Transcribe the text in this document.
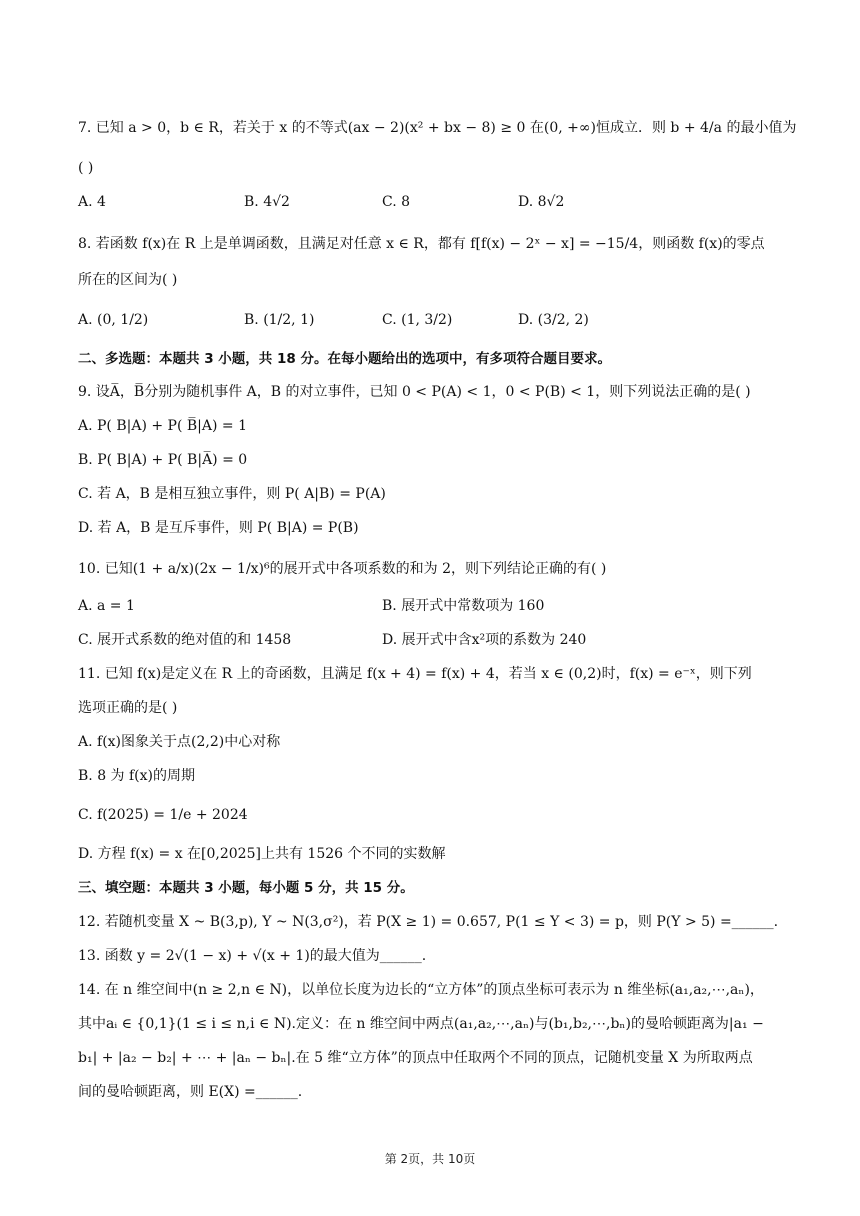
7. 已知 a > 0，b ∈ R，若关于 x 的不等式(ax − 2)(x² + bx − 8) ≥ 0 在(0, +∞)恒成立．则 b + 4/a 的最小值为
( )
A. 4	B. 4√2	C. 8	D. 8√2
8. 若函数 f(x)在 R 上是单调函数，且满足对任意 x ∈ R，都有 f[f(x) − 2ˣ − x] = −15/4，则函数 f(x)的零点
所在的区间为( )
A. (0, 1/2)	B. (1/2, 1)	C. (1, 3/2)	D. (3/2, 2)
二、多选题：本题共 3 小题，共 18 分。在每小题给出的选项中，有多项符合题目要求。
9. 设A̅，B̅分别为随机事件 A，B 的对立事件，已知 0 < P(A) < 1，0 < P(B) < 1，则下列说法正确的是( )
A. P( B|A) + P( B̅|A) = 1
B. P( B|A) + P( B|A̅) = 0
C. 若 A，B 是相互独立事件，则 P( A|B) = P(A)
D. 若 A，B 是互斥事件，则 P( B|A) = P(B)
10. 已知(1 + a/x)(2x − 1/x)⁶的展开式中各项系数的和为 2，则下列结论正确的有( )
A. a = 1	B. 展开式中常数项为 160
C. 展开式系数的绝对值的和 1458	D. 展开式中含x²项的系数为 240
11. 已知 f(x)是定义在 R 上的奇函数，且满足 f(x + 4) = f(x) + 4，若当 x ∈ (0,2)时，f(x) = e⁻ˣ，则下列
选项正确的是( )
A. f(x)图象关于点(2,2)中心对称
B. 8 为 f(x)的周期
C. f(2025) = 1/e + 2024
D. 方程 f(x) = x 在[0,2025]上共有 1526 个不同的实数解
三、填空题：本题共 3 小题，每小题 5 分，共 15 分。
12. 若随机变量 X ~ B(3,p), Y ~ N(3,σ²)，若 P(X ≥ 1) = 0.657, P(1 ≤ Y < 3) = p，则 P(Y > 5) =______.
13. 函数 y = 2√(1 − x) + √(x + 1)的最大值为______.
14. 在 n 维空间中(n ≥ 2,n ∈ N)，以单位长度为边长的“立方体”的顶点坐标可表示为 n 维坐标(a₁,a₂,⋯,aₙ)，
其中aᵢ ∈ {0,1}(1 ≤ i ≤ n,i ∈ N).定义：在 n 维空间中两点(a₁,a₂,⋯,aₙ)与(b₁,b₂,⋯,bₙ)的曼哈顿距离为|a₁ −
b₁| + |a₂ − b₂| + ⋯ + |aₙ − bₙ|.在 5 维“立方体”的顶点中任取两个不同的顶点，记随机变量 X 为所取两点
间的曼哈顿距离，则 E(X) =______.
第 2页，共 10页
